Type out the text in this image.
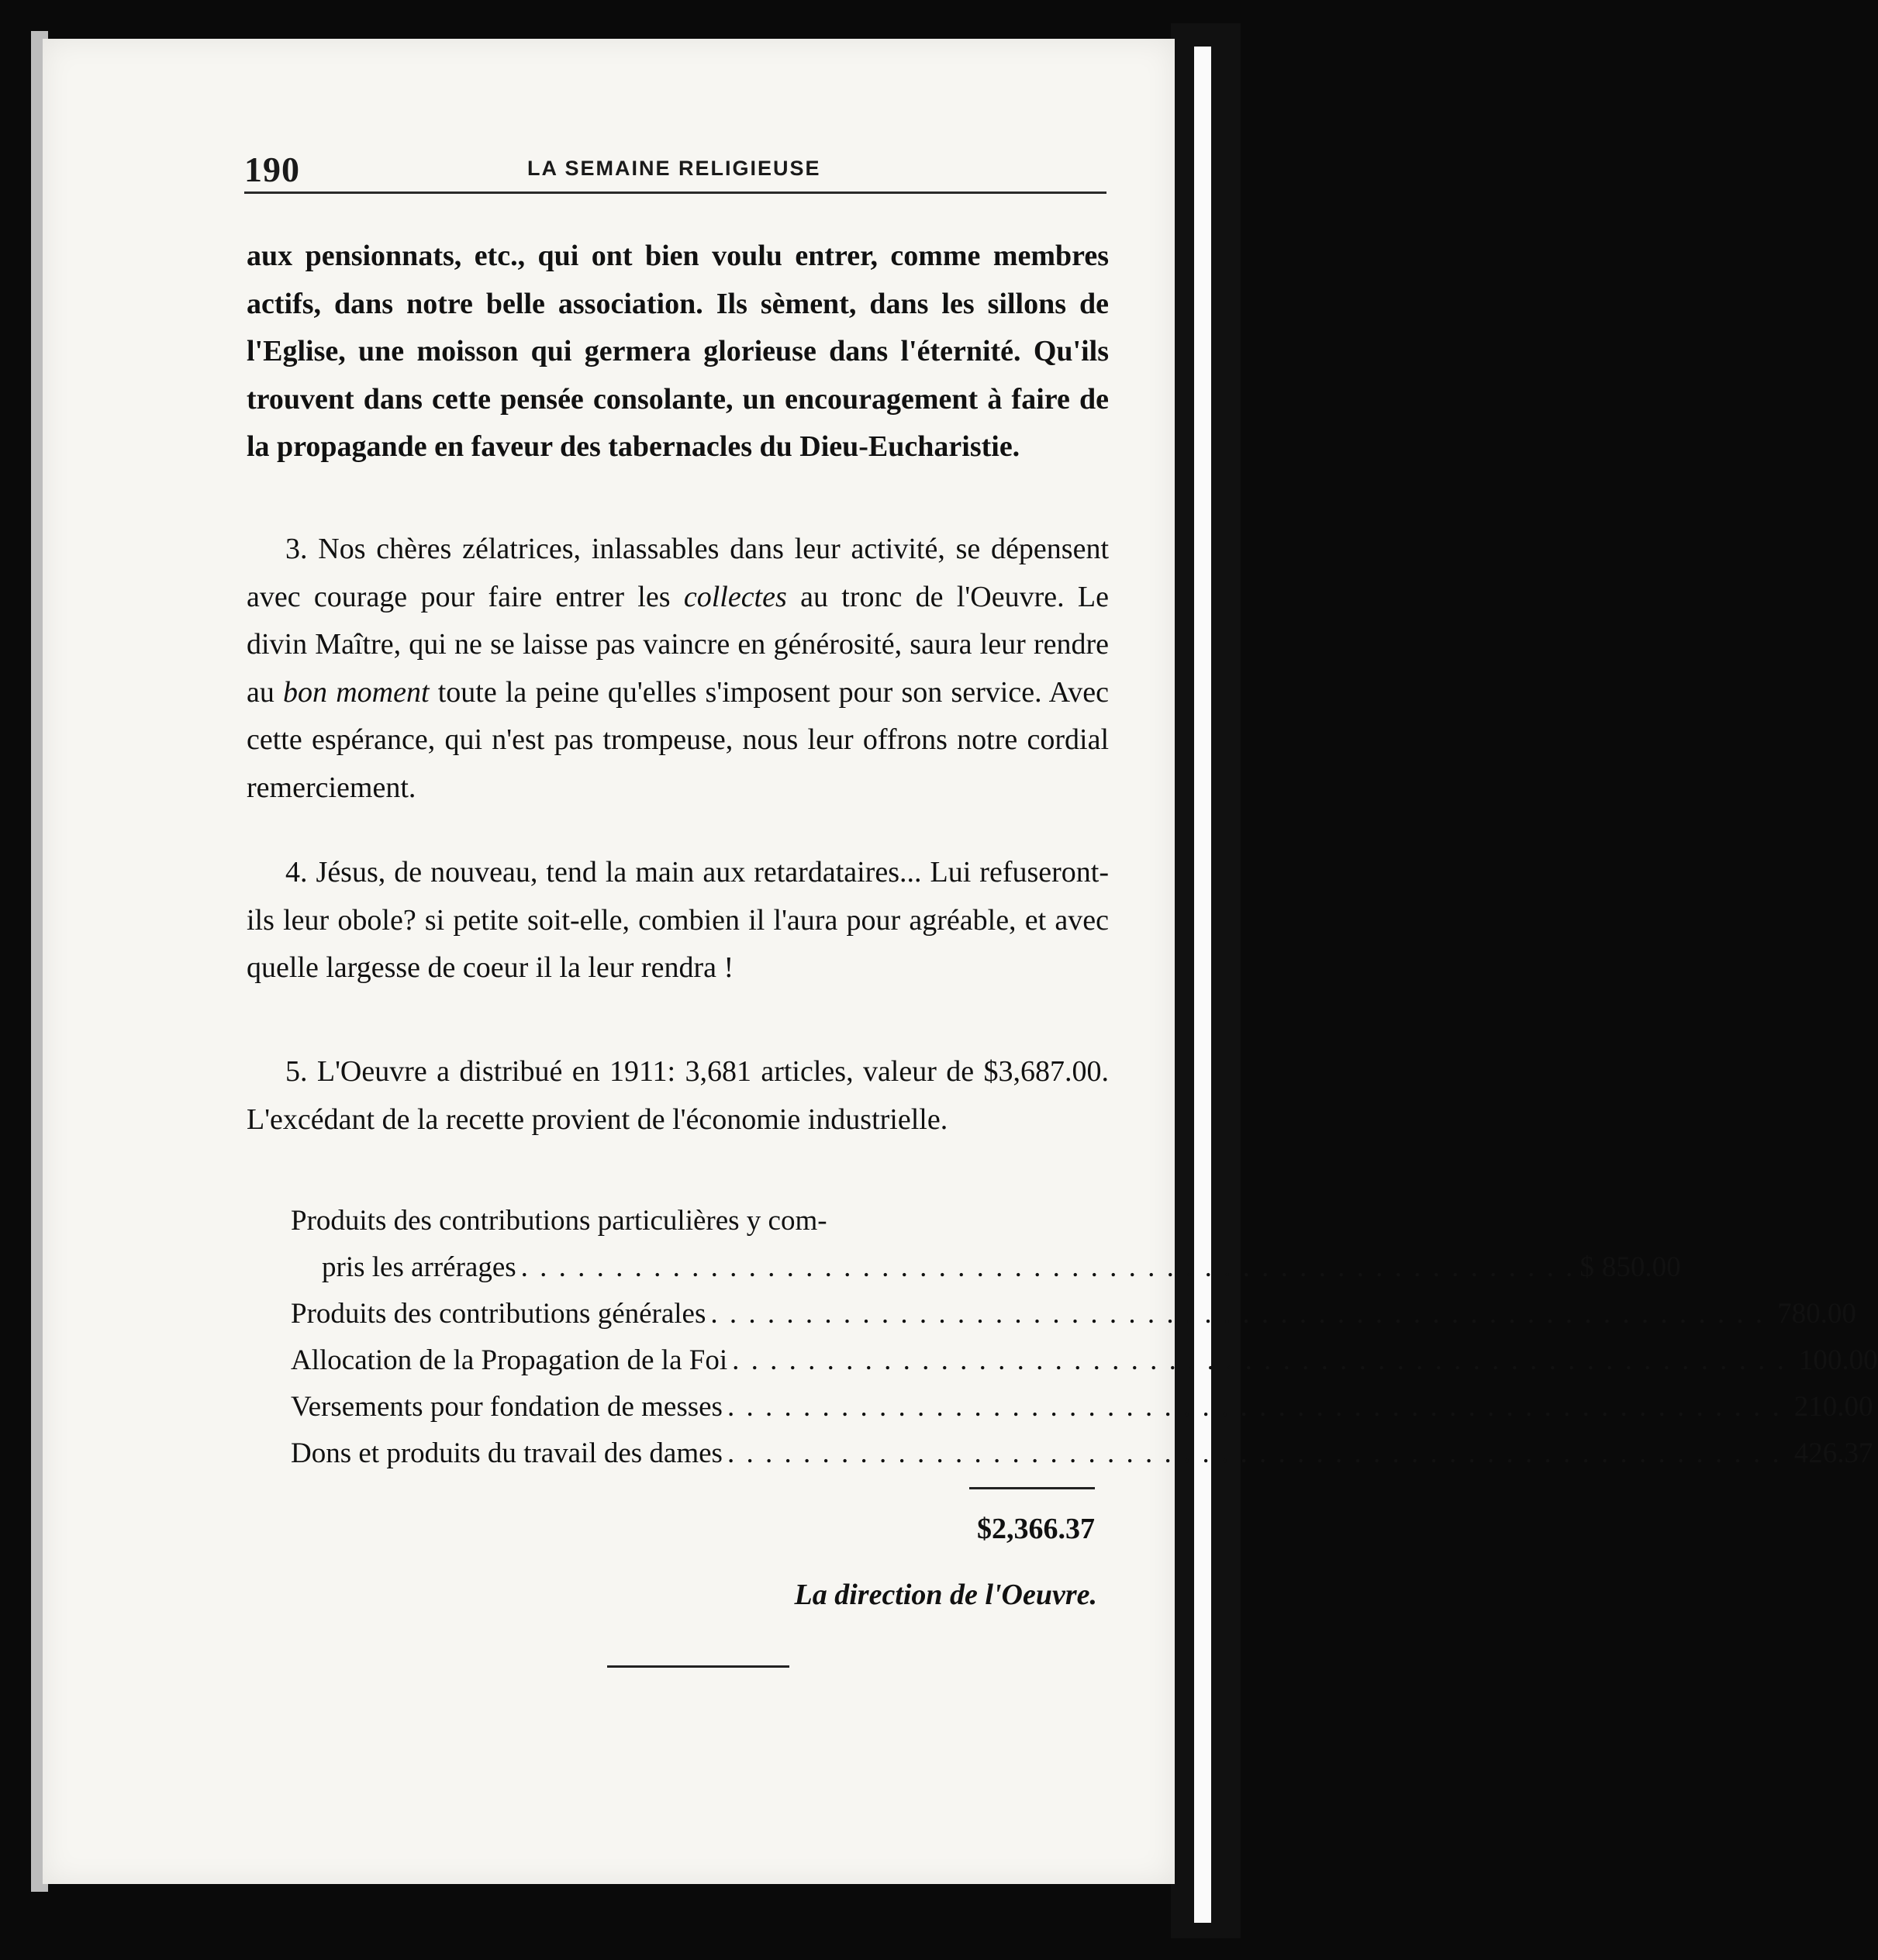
190	LA SEMAINE RELIGIEUSE
aux pensionnats, etc., qui ont bien voulu entrer, comme membres actifs, dans notre belle association. Ils sèment, dans les sillons de l'Eglise, une moisson qui germera glorieuse dans l'éternité. Qu'ils trouvent dans cette pensée consolante, un encouragement à faire de la propagande en faveur des tabernacles du Dieu-Eucharistie.
3. Nos chères zélatrices, inlassables dans leur activité, se dépensent avec courage pour faire entrer les collectes au tronc de l'Oeuvre. Le divin Maître, qui ne se laisse pas vaincre en générosité, saura leur rendre au bon moment toute la peine qu'elles s'imposent pour son service. Avec cette espérance, qui n'est pas trompeuse, nous leur offrons notre cordial remerciement.
4. Jésus, de nouveau, tend la main aux retardataires... Lui refuseront-ils leur obole? si petite soit-elle, combien il l'aura pour agréable, et avec quelle largesse de coeur il la leur rendra !
5. L'Oeuvre a distribué en 1911: 3,681 articles, valeur de $3,687.00. L'excédant de la recette provient de l'économie industrielle.
Produits des contributions particulières y com-
pris les arrérages . . . . . . . . . . . . . . . . . . . . . . . . . . . . . . . . . . . . . . . . . . . . . . . . . . . . . . . . $ 850.00
Produits des contributions générales . . . . . . . . . . . . . . . . . . . . . . . . . . . . . . . . . . . . . . . . . . . . . . . . . . . . . . . . 780.00
Allocation de la Propagation de la Foi . . . . . . . . . . . . . . . . . . . . . . . . . . . . . . . . . . . . . . . . . . . . . . . . . . . . . . . . 100.00
Versements pour fondation de messes . . . . . . . . . . . . . . . . . . . . . . . . . . . . . . . . . . . . . . . . . . . . . . . . . . . . . . . . 210.00
Dons et produits du travail des dames . . . . . . . . . . . . . . . . . . . . . . . . . . . . . . . . . . . . . . . . . . . . . . . . . . . . . . . . 426.37
$2,366.37
La direction de l'Oeuvre.
